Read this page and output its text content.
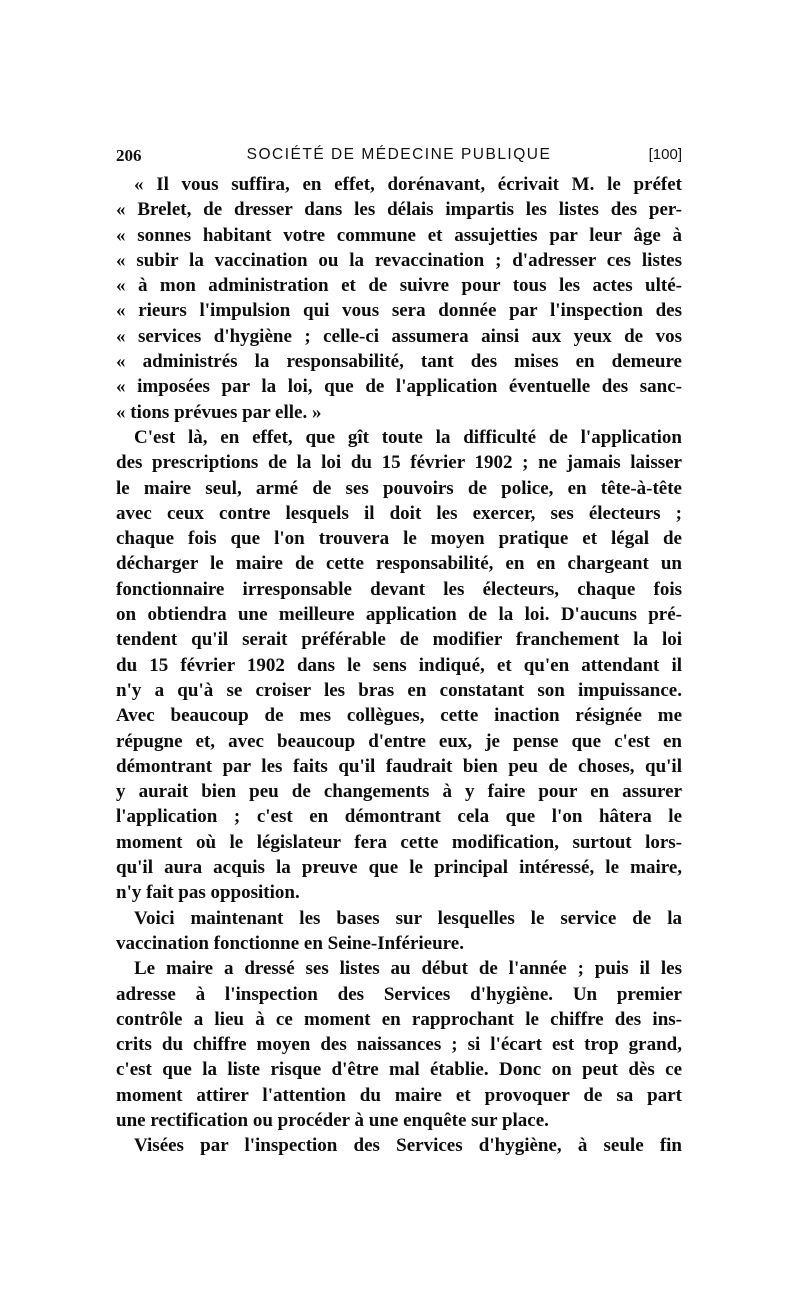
206	SOCIÉTÉ DE MÉDECINE PUBLIQUE	[100]
« Il vous suffira, en effet, dorénavant, écrivait M. le préfet
« Brelet, de dresser dans les délais impartis les listes des per-
« sonnes habitant votre commune et assujetties par leur âge à
« subir la vaccination ou la revaccination ; d'adresser ces listes
« à mon administration et de suivre pour tous les actes ulté-
« rieurs l'impulsion qui vous sera donnée par l'inspection des
« services d'hygiène ; celle-ci assumera ainsi aux yeux de vos
« administrés la responsabilité, tant des mises en demeure
« imposées par la loi, que de l'application éventuelle des sanc-
« tions prévues par elle. »
C'est là, en effet, que gît toute la difficulté de l'application
des prescriptions de la loi du 15 février 1902 ; ne jamais laisser
le maire seul, armé de ses pouvoirs de police, en tête-à-tête
avec ceux contre lesquels il doit les exercer, ses électeurs ;
chaque fois que l'on trouvera le moyen pratique et légal de
décharger le maire de cette responsabilité, en en chargeant un
fonctionnaire irresponsable devant les électeurs, chaque fois
on obtiendra une meilleure application de la loi. D'aucuns pré-
tendent qu'il serait préférable de modifier franchement la loi
du 15 février 1902 dans le sens indiqué, et qu'en attendant il
n'y a qu'à se croiser les bras en constatant son impuissance.
Avec beaucoup de mes collègues, cette inaction résignée me
répugne et, avec beaucoup d'entre eux, je pense que c'est en
démontrant par les faits qu'il faudrait bien peu de choses, qu'il
y aurait bien peu de changements à y faire pour en assurer
l'application ; c'est en démontrant cela que l'on hâtera le
moment où le législateur fera cette modification, surtout lors-
qu'il aura acquis la preuve que le principal intéressé, le maire,
n'y fait pas opposition.
Voici maintenant les bases sur lesquelles le service de la
vaccination fonctionne en Seine-Inférieure.
Le maire a dressé ses listes au début de l'année ; puis il les
adresse à l'inspection des Services d'hygiène. Un premier
contrôle a lieu à ce moment en rapprochant le chiffre des ins-
crits du chiffre moyen des naissances ; si l'écart est trop grand,
c'est que la liste risque d'être mal établie. Donc on peut dès ce
moment attirer l'attention du maire et provoquer de sa part
une rectification ou procéder à une enquête sur place.
Visées par l'inspection des Services d'hygiène, à seule fin
